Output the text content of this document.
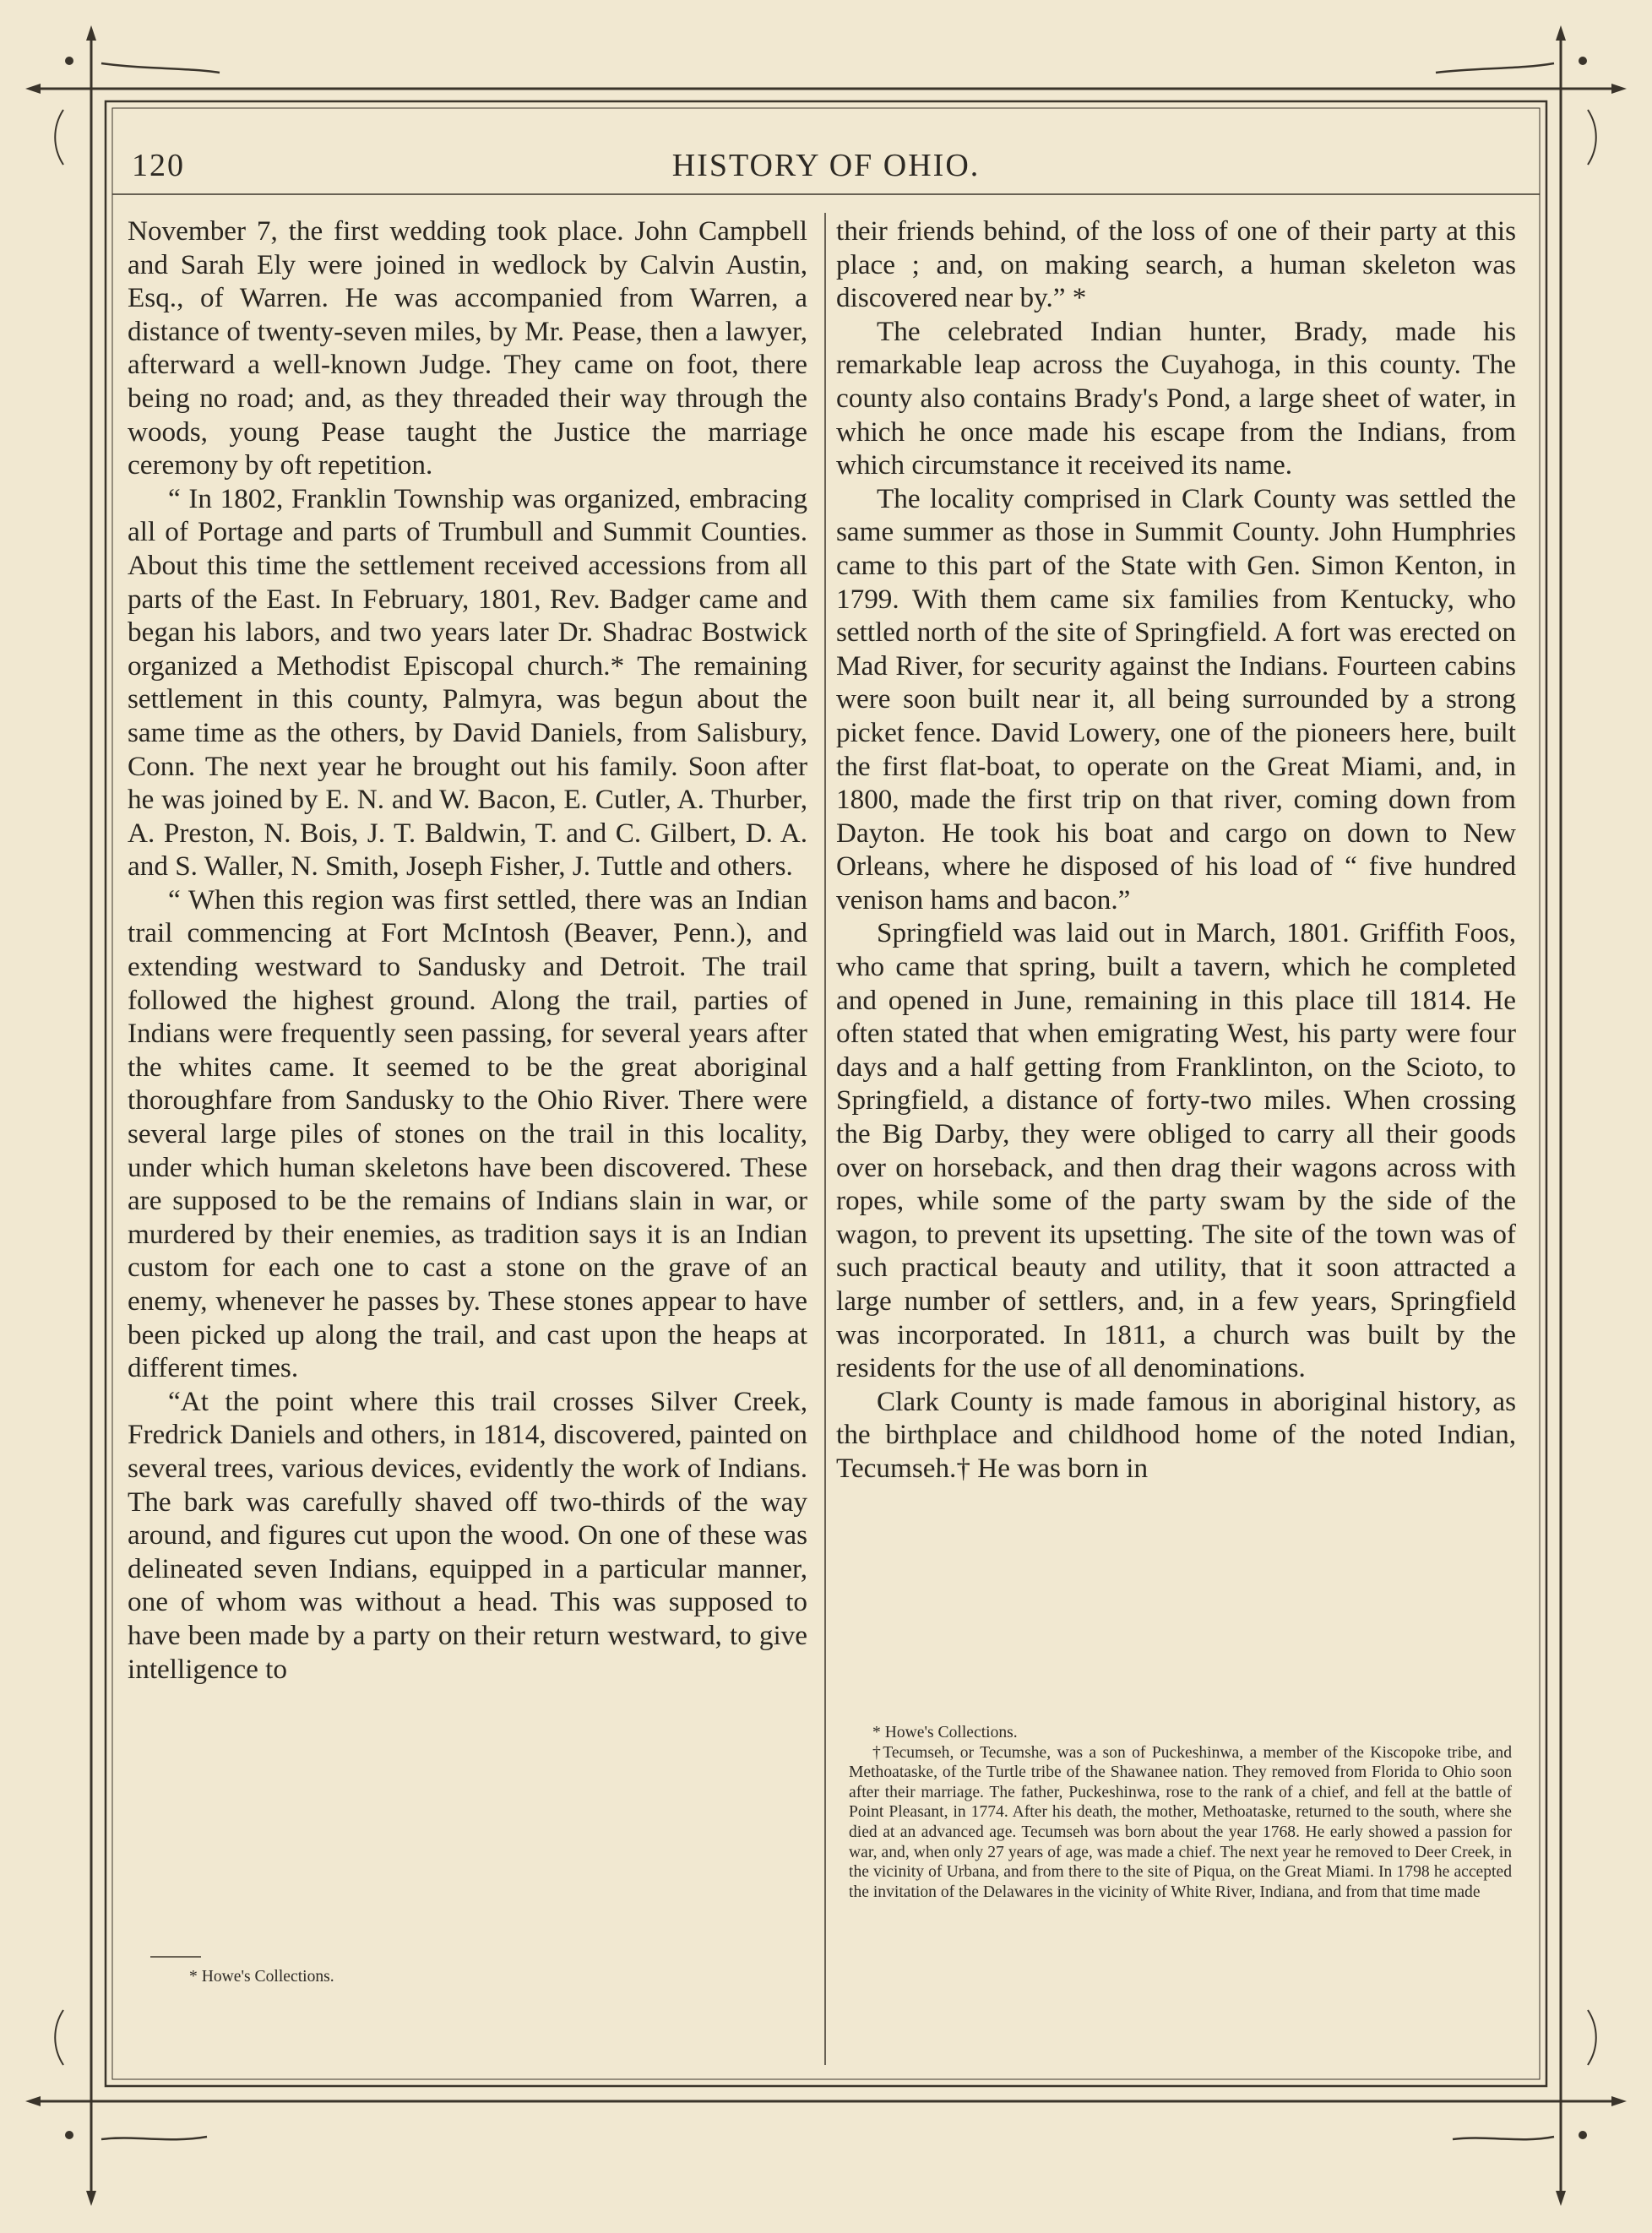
120	HISTORY OF OHIO.

November 7, the first wedding took place. John Campbell and Sarah Ely were joined in wedlock by Calvin Austin, Esq., of Warren. He was accompanied from Warren, a distance of twenty-seven miles, by Mr. Pease, then a lawyer, afterward a well-known Judge. They came on foot, there being no road; and, as they threaded their way through the woods, young Pease taught the Justice the marriage ceremony by oft repetition.

“ In 1802, Franklin Township was organized, embracing all of Portage and parts of Trumbull and Summit Counties. About this time the settlement received accessions from all parts of the East. In February, 1801, Rev. Badger came and began his labors, and two years later Dr. Shadrac Bostwick organized a Methodist Episcopal church.* The remaining settlement in this county, Palmyra, was begun about the same time as the others, by David Daniels, from Salisbury, Conn. The next year he brought out his family. Soon after he was joined by E. N. and W. Bacon, E. Cutler, A. Thurber, A. Preston, N. Bois, J. T. Baldwin, T. and C. Gilbert, D. A. and S. Waller, N. Smith, Joseph Fisher, J. Tuttle and others.

“ When this region was first settled, there was an Indian trail commencing at Fort McIntosh (Beaver, Penn.), and extending westward to Sandusky and Detroit. The trail followed the highest ground. Along the trail, parties of Indians were frequently seen passing, for several years after the whites came. It seemed to be the great aboriginal thoroughfare from Sandusky to the Ohio River. There were several large piles of stones on the trail in this locality, under which human skeletons have been discovered. These are supposed to be the remains of Indians slain in war, or murdered by their enemies, as tradition says it is an Indian custom for each one to cast a stone on the grave of an enemy, whenever he passes by. These stones appear to have been picked up along the trail, and cast upon the heaps at different times.

“At the point where this trail crosses Silver Creek, Fredrick Daniels and others, in 1814, discovered, painted on several trees, various devices, evidently the work of Indians. The bark was carefully shaved off two-thirds of the way around, and figures cut upon the wood. On one of these was delineated seven Indians, equipped in a particular manner, one of whom was without a head. This was supposed to have been made by a party on their return westward, to give intelligence to

* Howe's Collections.

their friends behind, of the loss of one of their party at this place ; and, on making search, a human skeleton was discovered near by.” *

The celebrated Indian hunter, Brady, made his remarkable leap across the Cuyahoga, in this county. The county also contains Brady's Pond, a large sheet of water, in which he once made his escape from the Indians, from which circumstance it received its name.

The locality comprised in Clark County was settled the same summer as those in Summit County. John Humphries came to this part of the State with Gen. Simon Kenton, in 1799. With them came six families from Kentucky, who settled north of the site of Springfield. A fort was erected on Mad River, for security against the Indians. Fourteen cabins were soon built near it, all being surrounded by a strong picket fence. David Lowery, one of the pioneers here, built the first flat-boat, to operate on the Great Miami, and, in 1800, made the first trip on that river, coming down from Dayton. He took his boat and cargo on down to New Orleans, where he disposed of his load of “ five hundred venison hams and bacon.”

Springfield was laid out in March, 1801. Griffith Foos, who came that spring, built a tavern, which he completed and opened in June, remaining in this place till 1814. He often stated that when emigrating West, his party were four days and a half getting from Franklinton, on the Scioto, to Springfield, a distance of forty-two miles. When crossing the Big Darby, they were obliged to carry all their goods over on horseback, and then drag their wagons across with ropes, while some of the party swam by the side of the wagon, to prevent its upsetting. The site of the town was of such practical beauty and utility, that it soon attracted a large number of settlers, and, in a few years, Springfield was incorporated. In 1811, a church was built by the residents for the use of all denominations.

Clark County is made famous in aboriginal history, as the birthplace and childhood home of the noted Indian, Tecumseh.† He was born in

* Howe's Collections.

†Tecumseh, or Tecumshe, was a son of Puckeshinwa, a member of the Kiscopoke tribe, and Methoataske, of the Turtle tribe of the Shawanee nation. They removed from Florida to Ohio soon after their marriage. The father, Puckeshinwa, rose to the rank of a chief, and fell at the battle of Point Pleasant, in 1774. After his death, the mother, Methoataske, returned to the south, where she died at an advanced age. Tecumseh was born about the year 1768. He early showed a passion for war, and, when only 27 years of age, was made a chief. The next year he removed to Deer Creek, in the vicinity of Urbana, and from there to the site of Piqua, on the Great Miami. In 1798 he accepted the invitation of the Delawares in the vicinity of White River, Indiana, and from that time made
